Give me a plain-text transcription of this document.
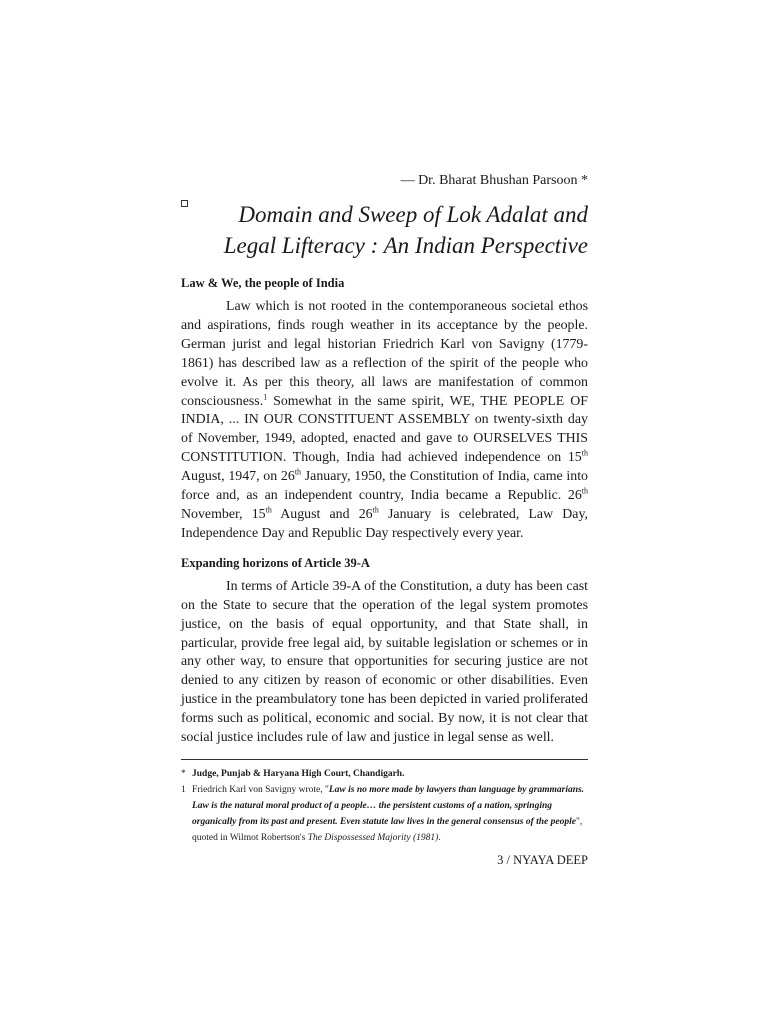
— Dr. Bharat Bhushan Parsoon *

Domain and Sweep of Lok Adalat and
Legal Lifteracy : An Indian Perspective

Law & We, the people of India

Law which is not rooted in the contemporaneous societal ethos and aspirations, finds rough weather in its acceptance by the people. German jurist and legal historian Friedrich Karl von Savigny (1779-1861) has described law as a reflection of the spirit of the people who evolve it. As per this theory, all laws are manifestation of common consciousness.$^1$ Somewhat in the same spirit, WE, THE PEOPLE OF INDIA, ... IN OUR CONSTITUENT ASSEMBLY on twenty-sixth day of November, 1949, adopted, enacted and gave to OURSELVES THIS CONSTITUTION. Though, India had achieved independence on 15th August, 1947, on 26th January, 1950, the Constitution of India, came into force and, as an independent country, India became a Republic. 26th November, 15th August and 26th January is celebrated, Law Day, Independence Day and Republic Day respectively every year.

Expanding horizons of Article 39-A

In terms of Article 39-A of the Constitution, a duty has been cast on the State to secure that the operation of the legal system promotes justice, on the basis of equal opportunity, and that State shall, in particular, provide free legal aid, by suitable legislation or schemes or in any other way, to ensure that opportunities for securing justice are not denied to any citizen by reason of economic or other disabilities. Even justice in the preambulatory tone has been depicted in varied proliferated forms such as political, economic and social. By now, it is not clear that social justice includes rule of law and justice in legal sense as well.

* Judge, Punjab & Haryana High Court, Chandigarh.
1 Friedrich Karl von Savigny wrote, "Law is no more made by lawyers than language by grammarians. Law is the natural moral product of a people… the persistent customs of a nation, springing organically from its past and present. Even statute law lives in the general consensus of the people", quoted in Wilmot Robertson's The Dispossessed Majority (1981).
3 / NYAYA DEEP
